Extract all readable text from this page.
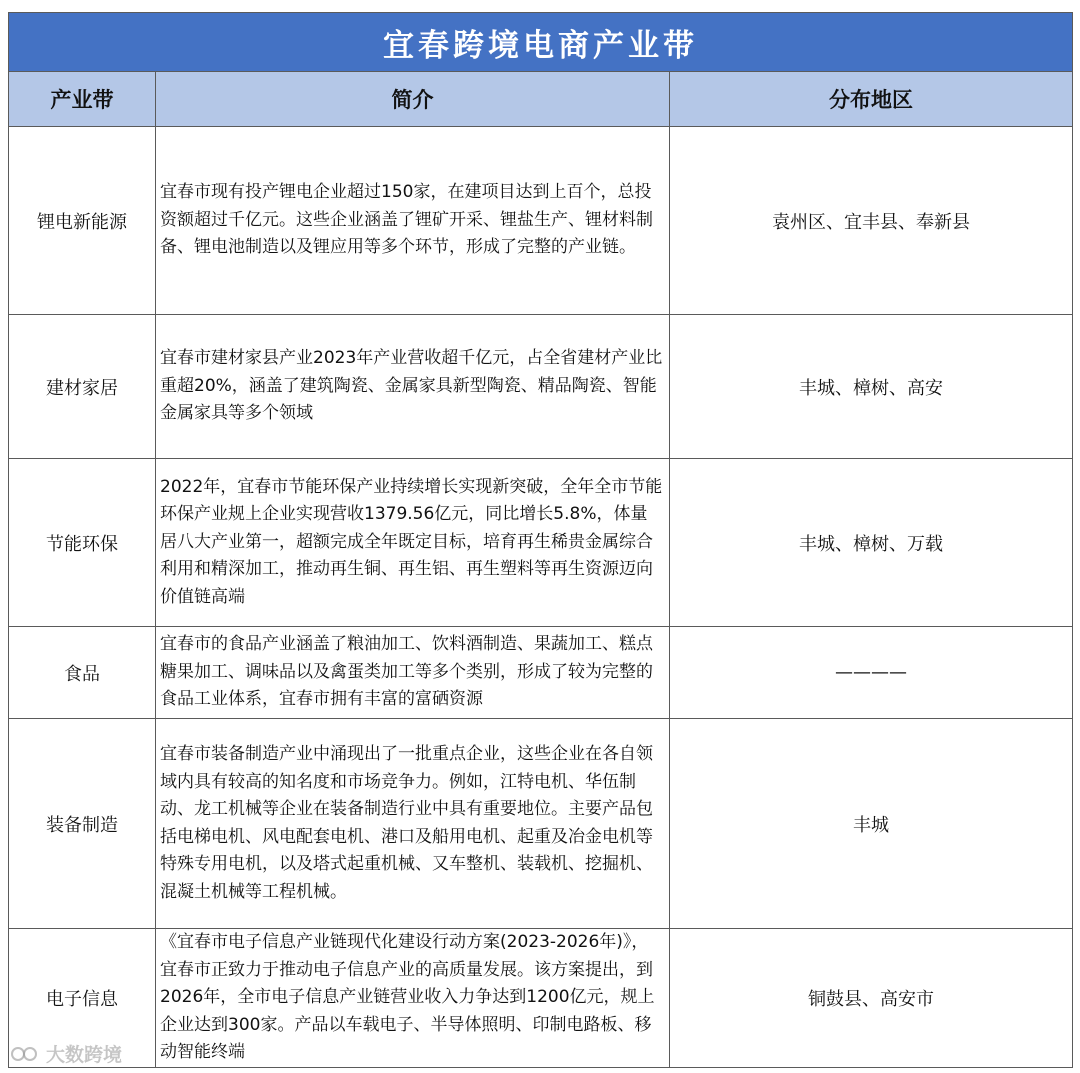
宜春跨境电商产业带		
产业带	简介	分布地区
锂电新能源	宜春市现有投产锂电企业超过150家，在建项目达到上百个，总投资额超过千亿元。这些企业涵盖了锂矿开采、锂盐生产、锂材料制备、锂电池制造以及锂应用等多个环节，形成了完整的产业链。	袁州区、宜丰县、奉新县
建材家居	宜春市建材家县产业2023年产业营收超千亿元，占全省建材产业比重超20%，涵盖了建筑陶瓷、金属家具新型陶瓷、精品陶瓷、智能金属家具等多个领域	丰城、樟树、高安
节能环保	2022年，宜春市节能环保产业持续增长实现新突破，全年全市节能环保产业规上企业实现营收1379.56亿元，同比增长5.8%，体量居八大产业第一，超额完成全年既定目标，培育再生稀贵金属综合利用和精深加工，推动再生铜、再生铝、再生塑料等再生资源迈向价值链高端	丰城、樟树、万载
食品	宜春市的食品产业涵盖了粮油加工、饮料酒制造、果蔬加工、糕点糖果加工、调味品以及禽蛋类加工等多个类别，形成了较为完整的食品工业体系，宜春市拥有丰富的富硒资源	————
装备制造	宜春市装备制造产业中涌现出了一批重点企业，这些企业在各自领域内具有较高的知名度和市场竞争力。例如，江特电机、华伍制动、龙工机械等企业在装备制造行业中具有重要地位。主要产品包括电梯电机、风电配套电机、港口及船用电机、起重及冶金电机等特殊专用电机，以及塔式起重机械、又车整机、装载机、挖掘机、混凝土机械等工程机械。	丰城
电子信息	《宜春市电子信息产业链现代化建设行动方案(2023-2026年)》，宜春市正致力于推动电子信息产业的高质量发展。该方案提出，到2026年，全市电子信息产业链营业收入力争达到1200亿元，规上企业达到300家。产品以车载电子、半导体照明、印制电路板、移动智能终端	铜鼓县、高安市
大数跨境
